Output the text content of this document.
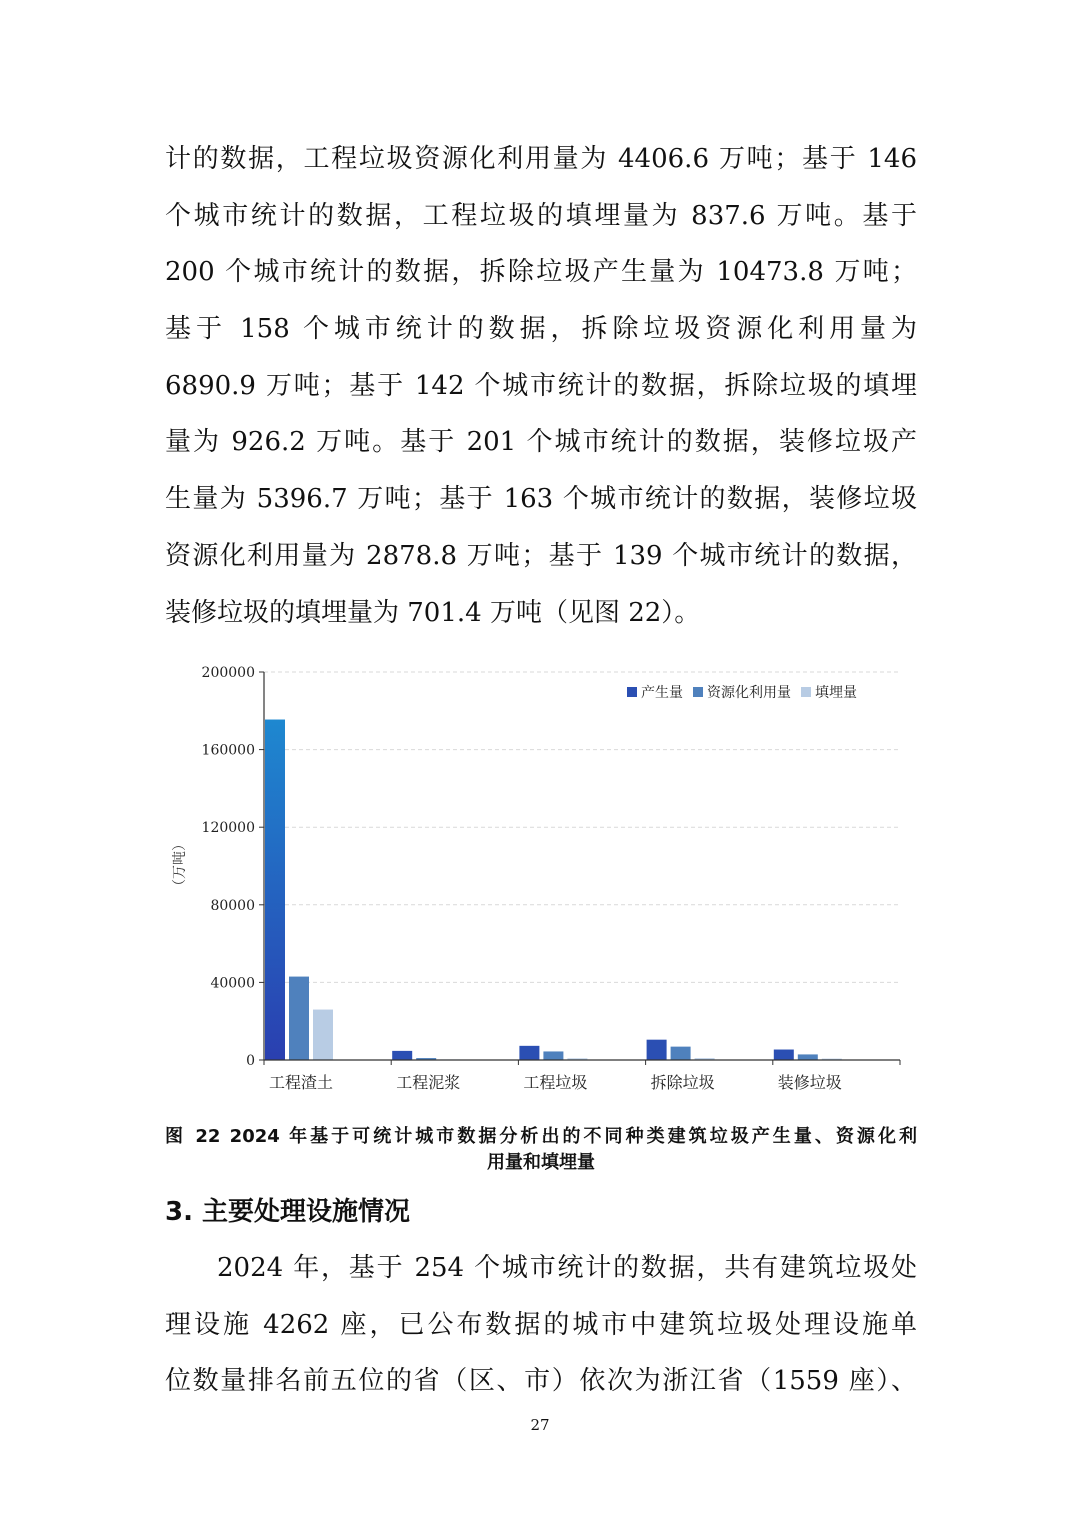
计的数据，工程垃圾资源化利用量为 4406.6 万吨；基于 146
个城市统计的数据，工程垃圾的填埋量为 837.6 万吨。基于
200 个城市统计的数据，拆除垃圾产生量为 10473.8 万吨；
基于 158 个城市统计的数据，拆除垃圾资源化利用量为
6890.9 万吨；基于 142 个城市统计的数据，拆除垃圾的填埋
量为 926.2 万吨。基于 201 个城市统计的数据，装修垃圾产
生量为 5396.7 万吨；基于 163 个城市统计的数据，装修垃圾
资源化利用量为 2878.8 万吨；基于 139 个城市统计的数据，
装修垃圾的填埋量为 701.4 万吨（见图 22）。
0
40000
80000
120000
160000
200000
工程渣土	工程泥浆	工程垃圾	拆除垃圾	装修垃圾
产生量 资源化利用量 填埋量
（万吨）
图 22 2024 年基于可统计城市数据分析出的不同种类建筑垃圾产生量、资源化利
用量和填埋量
3. 主要处理设施情况
2024 年，基于 254 个城市统计的数据，共有建筑垃圾处
理设施 4262 座，已公布数据的城市中建筑垃圾处理设施单
位数量排名前五位的省（区、市）依次为浙江省（1559 座）、
27
